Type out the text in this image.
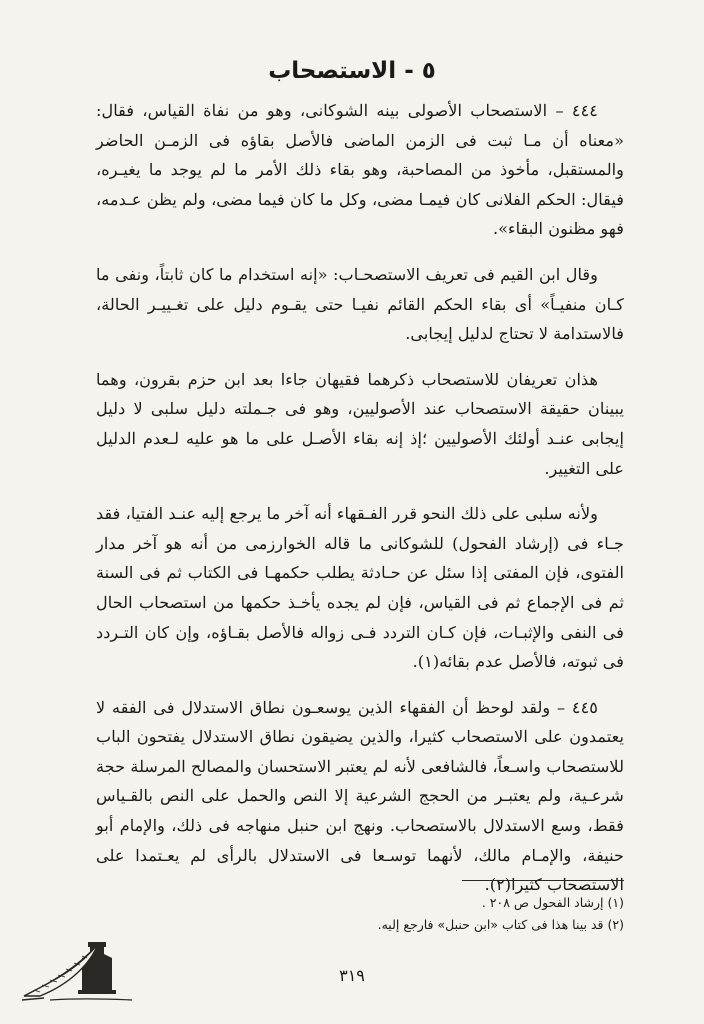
٥ - الاستصحاب

٤٤٤ – الاستصحاب الأصولى بينه الشوكانى، وهو من نفاة القياس، فقال: «معناه أن مـا ثبت فى الزمن الماضى فالأصل بقاؤه فى الزمـن الحاضر والمستقبل، مأخوذ من المصاحبة، وهو بقاء ذلك الأمر ما لم يوجد ما يغيـره، فيقال: الحكم الفلانى كان فيمـا مضى، وكل ما كان فيما مضى، ولم يظن عـدمه، فهو مظنون البقاء».

وقال ابن القيم فى تعريف الاستصحـاب: «إنه استخدام ما كان ثابتاً، ونفى ما كـان منفيـاً» أى بقاء الحكم القائم نفيـا حتى يقـوم دليل على تغـييـر الحالة، فالاستدامة لا تحتاج لدليل إيجابى.

هذان تعريفان للاستصحاب ذكرهما فقيهان جاءا بعد ابن حزم بقرون، وهما يبينان حقيقة الاستصحاب عند الأصوليين، وهو فى جـملته دليل سلبى لا دليل إيجابى عنـد أولئك الأصوليين ؛إذ إنه بقاء الأصـل على ما هو عليه لـعدم الدليل على التغيير.

ولأنه سلبى على ذلك النحو قرر الفـقهاء أنه آخر ما يرجع إليه عنـد الفتيا، فقد جـاء فى (إرشاد الفحول) للشوكانى ما قاله الخوارزمى من أنه هو آخر مدار الفتوى، فإن المفتى إذا سئل عن حـادثة يطلب حكمهـا فى الكتاب ثم فى السنة ثم فى الإجماع ثم فى القياس، فإن لم يجده يأخـذ حكمها من استصحاب الحال فى النفى والإثبـات، فإن كـان التردد فـى زواله فالأصل بقـاؤه، وإن كان التـردد فى ثبوته، فالأصل عدم بقائه(١).

٤٤٥ – ولقد لوحظ أن الفقهاء الذين يوسعـون نطاق الاستدلال فى الفقه لا يعتمدون على الاستصحاب كثيرا، والذين يضيقون نطاق الاستدلال يفتحون الباب للاستصحاب واسـعاً، فالشافعى لأنه لم يعتبر الاستحسان والمصالح المرسلة حجة شرعـية، ولم يعتبـر من الحجج الشرعية إلا النص والحمل على النص بالقـياس فقط، وسع الاستدلال بالاستصحاب. ونهج ابن حنبل منهاجه فى ذلك، والإمام أبو حنيفة، والإمـام مالك، لأنهما توسـعا فى الاستدلال بالرأى لم يعـتمدا على الاستصحاب كثيرا(٢).

(١) إرشاد الفحول ص ٢٠٨ .
(٢) قد بينا هذا فى كتاب «ابن حنبل» فارجع إليه.
٣١٩
